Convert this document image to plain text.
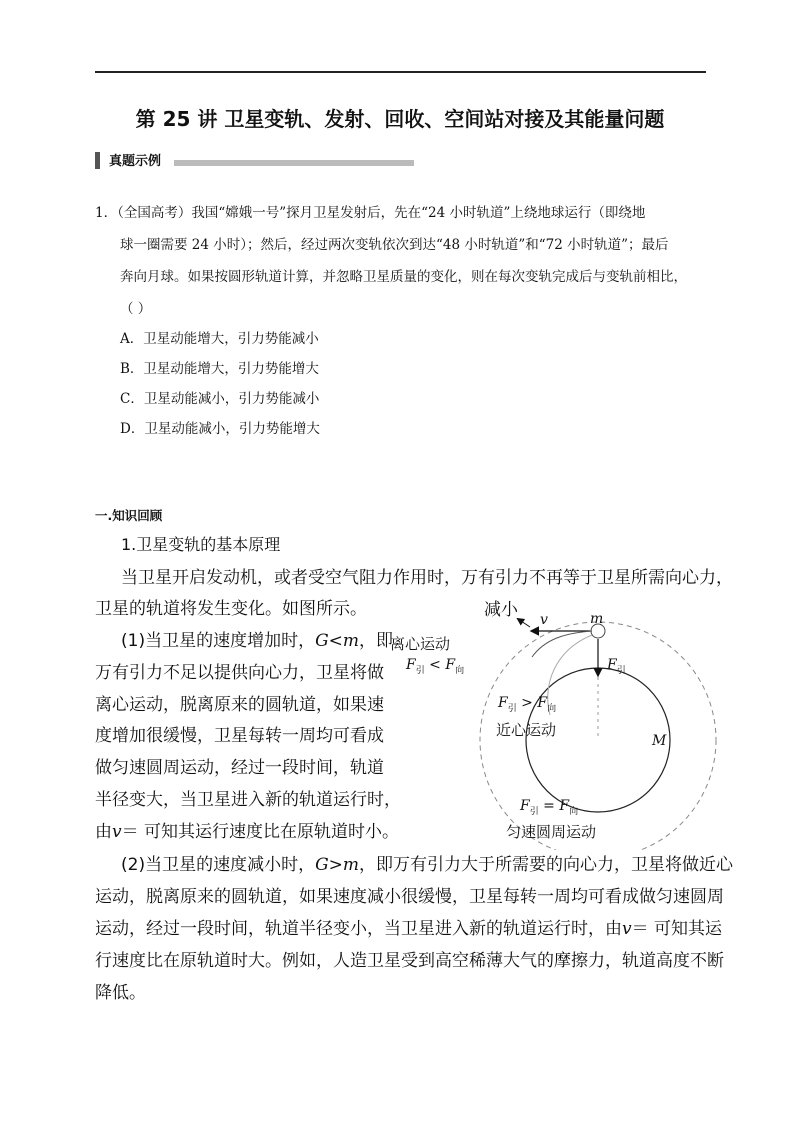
第 25 讲 卫星变轨、发射、回收、空间站对接及其能量问题
真题示例
1．（全国高考）我国“嫦娥一号”探月卫星发射后，先在“24 小时轨道”上绕地球运行（即绕地
球一圈需要 24 小时）；然后，经过两次变轨依次到达“48 小时轨道”和“72 小时轨道”；最后
奔向月球。如果按圆形轨道计算，并忽略卫星质量的变化，则在每次变轨完成后与变轨前相比，
（ ）
A．卫星动能增大，引力势能减小
B．卫星动能增大，引力势能增大
C．卫星动能减小，引力势能减小
D．卫星动能减小，引力势能增大
一.知识回顾
1.卫星变轨的基本原理
当卫星开启发动机，或者受空气阻力作用时，万有引力不再等于卫星所需向心力，
卫星的轨道将发生变化。如图所示。
(1)当卫星的速度增加时，G<m，即
万有引力不足以提供向心力，卫星将做
离心运动，脱离原来的圆轨道，如果速
度增加很缓慢，卫星每转一周均可看成
做匀速圆周运动，经过一段时间，轨道
半径变大，当卫星进入新的轨道运行时，
由v＝ 可知其运行速度比在原轨道时小。
(2)当卫星的速度减小时，G>m，即万有引力大于所需要的向心力，卫星将做近心
运动，脱离原来的圆轨道，如果速度减小很缓慢，卫星每转一周均可看成做匀速圆周
运动，经过一段时间，轨道半径变小，当卫星进入新的轨道运行时，由v＝ 可知其运
行速度比在原轨道时大。例如，人造卫星受到高空稀薄大气的摩擦力，轨道高度不断
降低。
减小 v	m
离心运动
$F_引 < F_向$	$F_引$
$F_引 > F_向$
近心运动
M
$F_引 = F_向$
匀速圆周运动
